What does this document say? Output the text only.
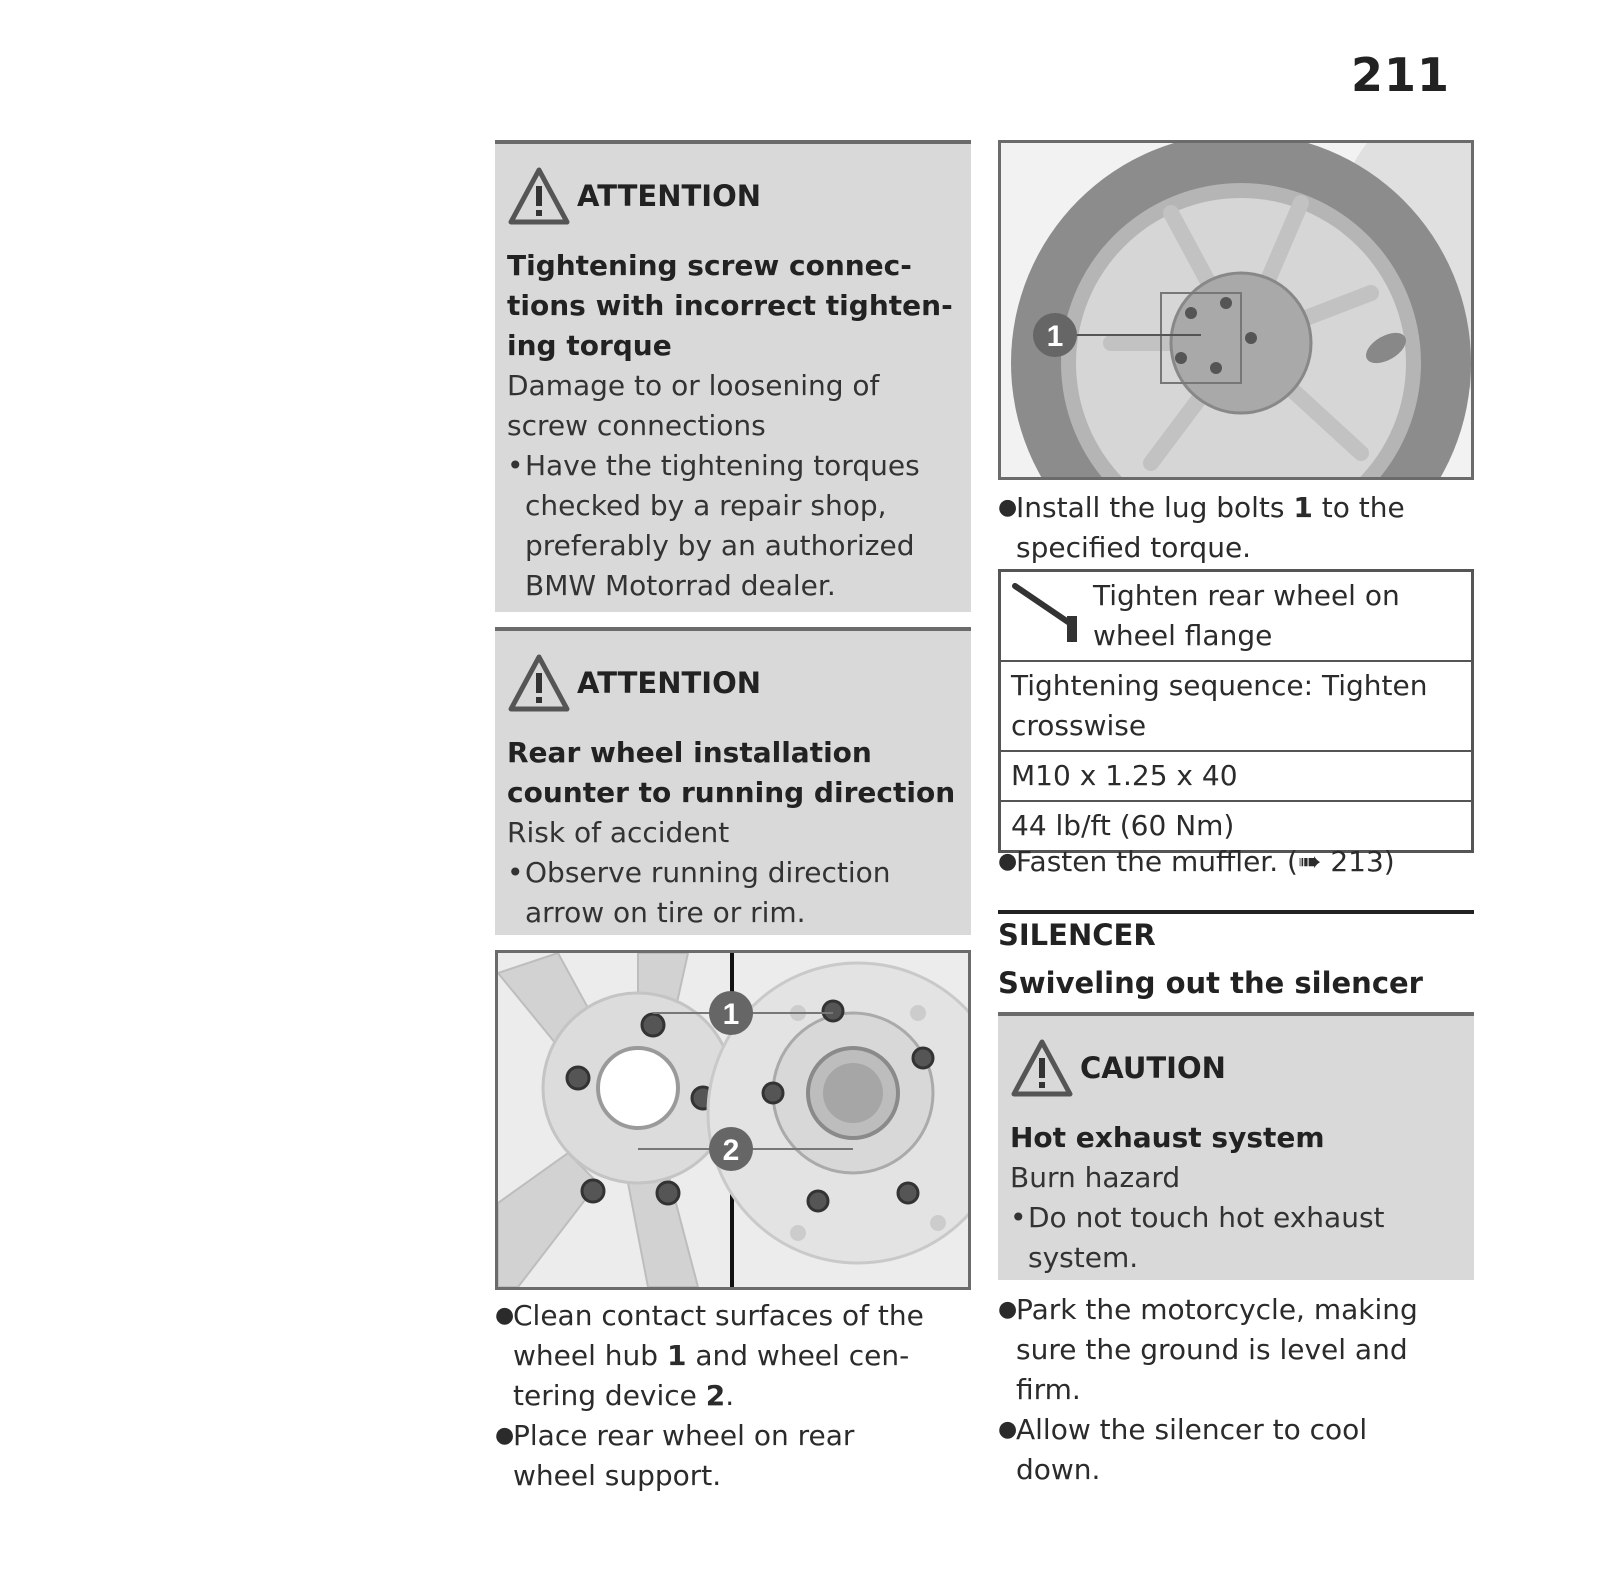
211
ATTENTION
Tightening screw connec-
tions with incorrect tighten-
ing torque
Damage to or loosening of
screw connections
• Have the tightening torques
checked by a repair shop,
preferably by an authorized
BMW Motorrad dealer.
ATTENTION
Rear wheel installation
counter to running direction
Risk of accident
• Observe running direction
arrow on tire or rim.
1
2
●
Clean contact surfaces of the
wheel hub 1 and wheel cen-
tering device 2.
●
Place rear wheel on rear
wheel support.
1
●
Install the lug bolts 1 to the
specified torque.
Tighten rear wheel on
wheel flange
Tightening sequence: Tighten
crosswise
M10 x 1.25 x 40
44 lb/ft (60 Nm)
●
Fasten the muffler. (➠ 213)
SILENCER
Swiveling out the silencer
CAUTION
Hot exhaust system
Burn hazard
• Do not touch hot exhaust
system.
●
Park the motorcycle, making
sure the ground is level and
firm.
●
Allow the silencer to cool
down.
